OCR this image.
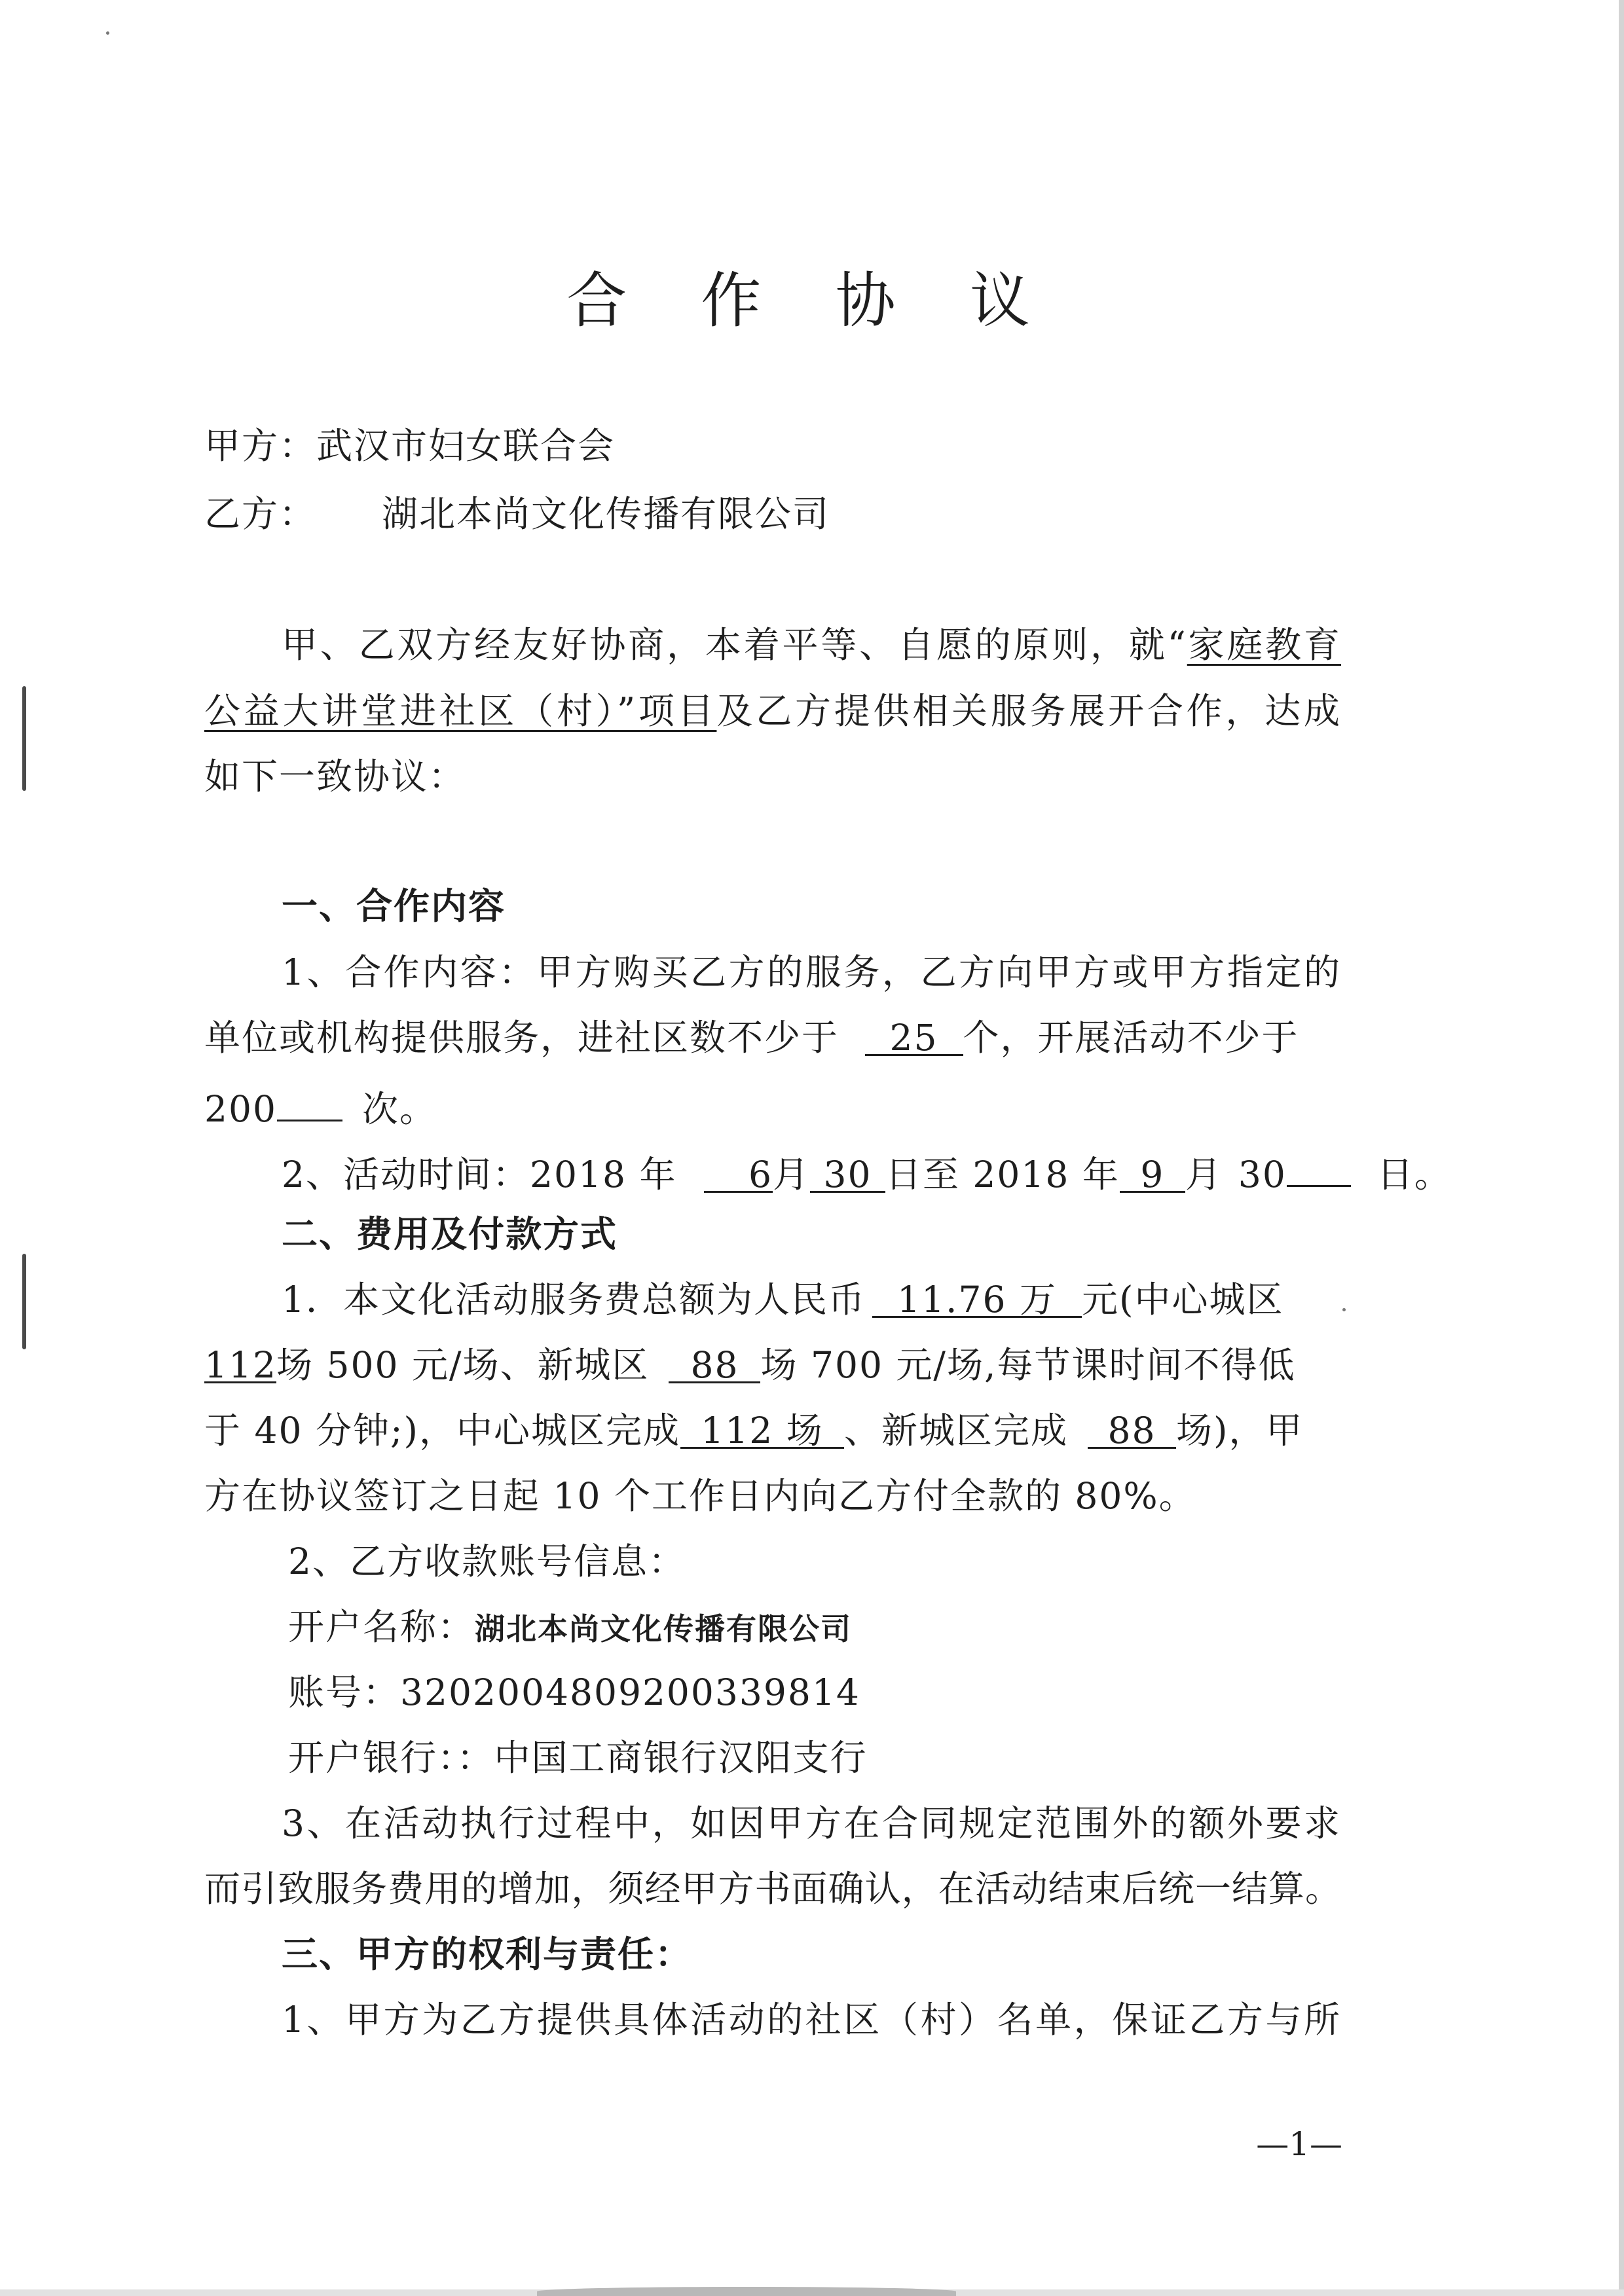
合 作 协 议
甲方：武汉市妇女联合会
乙方： 湖北本尚文化传播有限公司
甲、乙双方经友好协商，本着平等、自愿的原则，就“家庭教育
公益大讲堂进社区（村）”项目及乙方提供相关服务展开合作，达成
如下一致协议：
一、合作内容
1、合作内容：甲方购买乙方的服务，乙方向甲方或甲方指定的
单位或机构提供服务，进社区数不少于 25 个，开展活动不少于
200 次。
2、活动时间：2018 年 6月 30 日至 2018 年 9 月 30	日。
二、费用及付款方式
1．本文化活动服务费总额为人民币 11.76 万 元(中心城区
112场 500 元/场、新城区 88 场 700 元/场,每节课时间不得低
于 40 分钟;)，中心城区完成 112 场 、新城区完成 88 场)，甲
方在协议签订之日起 10 个工作日内向乙方付全款的 80%。
2、乙方收款账号信息：
开户名称：湖北本尚文化传播有限公司
账号：3202004809200339814
开户银行：：中国工商银行汉阳支行
3、在活动执行过程中，如因甲方在合同规定范围外的额外要求
而引致服务费用的增加，须经甲方书面确认，在活动结束后统一结算。
三、甲方的权利与责任：
1、甲方为乙方提供具体活动的社区（村）名单，保证乙方与所
—1—
